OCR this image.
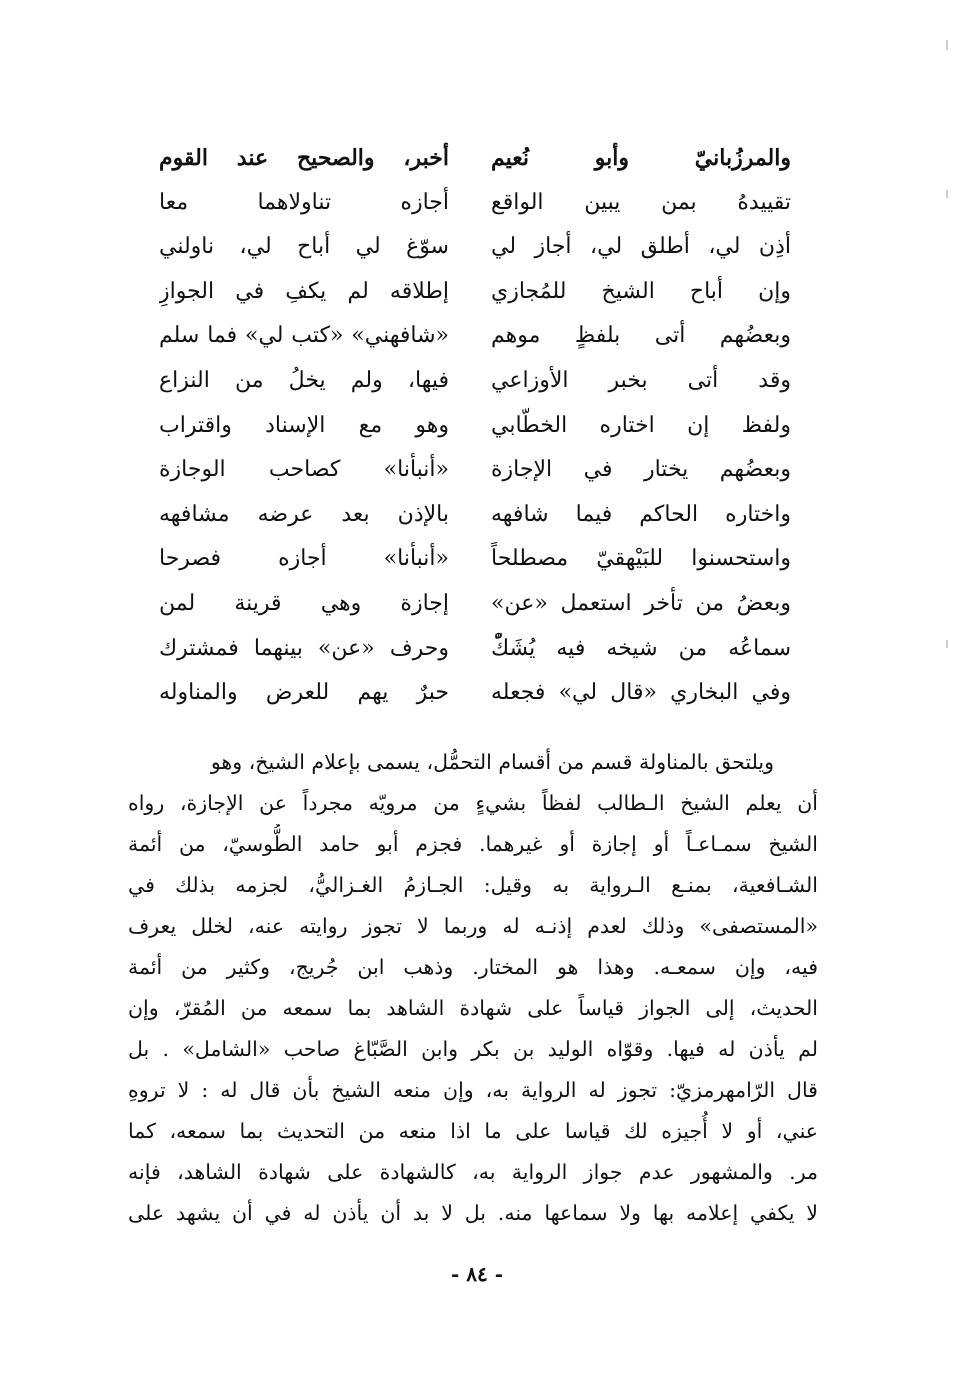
والمرزُبانيّ وأبو نُعيم
أخبر، والصحيح عند القوم
تقييدهُ بمن يبين الواقع
أجازه تناولاهما معا
أذِن لي، أطلق لي، أجاز لي
سوّغ لي أباح لي، ناولني
وإن أباح الشيخ للمُجازي
إطلاقه لم يكفِ في الجوازِ
وبعضُهم أتى بلفظٍ موهم
«شافهني» «كتب لي» فما سلم
وقد أتى بخبر الأوزاعي
فيها، ولم يخلُ من النزاع
ولفظ إن اختاره الخطّابي
وهو مع الإسناد واقتراب
وبعضُهم يختار في الإجازة
«أنبأنا» كصاحب الوجازة
واختاره الحاكم فيما شافهه
بالإذن بعد عرضه مشافهه
واستحسنوا للبَيْهقيّ مصطلحاً
«أنبأنا» أجازه فصرحا
وبعضُ من تأخر استعمل «عن»
إجازة وهي قرينة لمن
سماعُه من شيخه فيه يُشَكّْ
وحرف «عن» بينهما فمشترك
وفي البخاري «قال لي» فجعله
حبرٌ يهم للعرض والمناوله
ويلتحق بالمناولة قسم من أقسام التحمُّل، يسمى بإعلام الشيخ، وهو
أن يعلم الشيخ الـطالب لفظاً بشيءٍ من مرويّه مجرداً عن الإجازة، رواه
الشيخ سمـاعـاً أو إجازة أو غيرهما. فجزم أبو حامد الطُّوسيّ، من أئمة
الشـافعية، بمنـع الـرواية به وقيل: الجـازمُ الغـزاليُّ، لجزمه بذلك في
«المستصفى» وذلك لعدم إذنـه له وربما لا تجوز روايته عنه، لخلل يعرف
فيه، وإن سمعـه. وهذا هو المختار. وذهب ابن جُريج، وكثير من أئمة
الحديث، إلى الجواز قياساً على شهادة الشاهد بما سمعه من المُقرّ، وإن
لم يأذن له فيها. وقوّاه الوليد بن بكر وابن الصَّبّاغ صاحب «الشامل» . بل
قال الرّامهرمزيّ: تجوز له الرواية به، وإن منعه الشيخ بأن قال له : لا تروهِ
عني، أو لا أُجيزه لك قياسا على ما اذا منعه من التحديث بما سمعه، كما
مر. والمشهور عدم جواز الرواية به، كالشهادة على شهادة الشاهد، فإنه
لا يكفي إعلامه بها ولا سماعها منه. بل لا بد أن يأذن له في أن يشهد على
- ٨٤ -
